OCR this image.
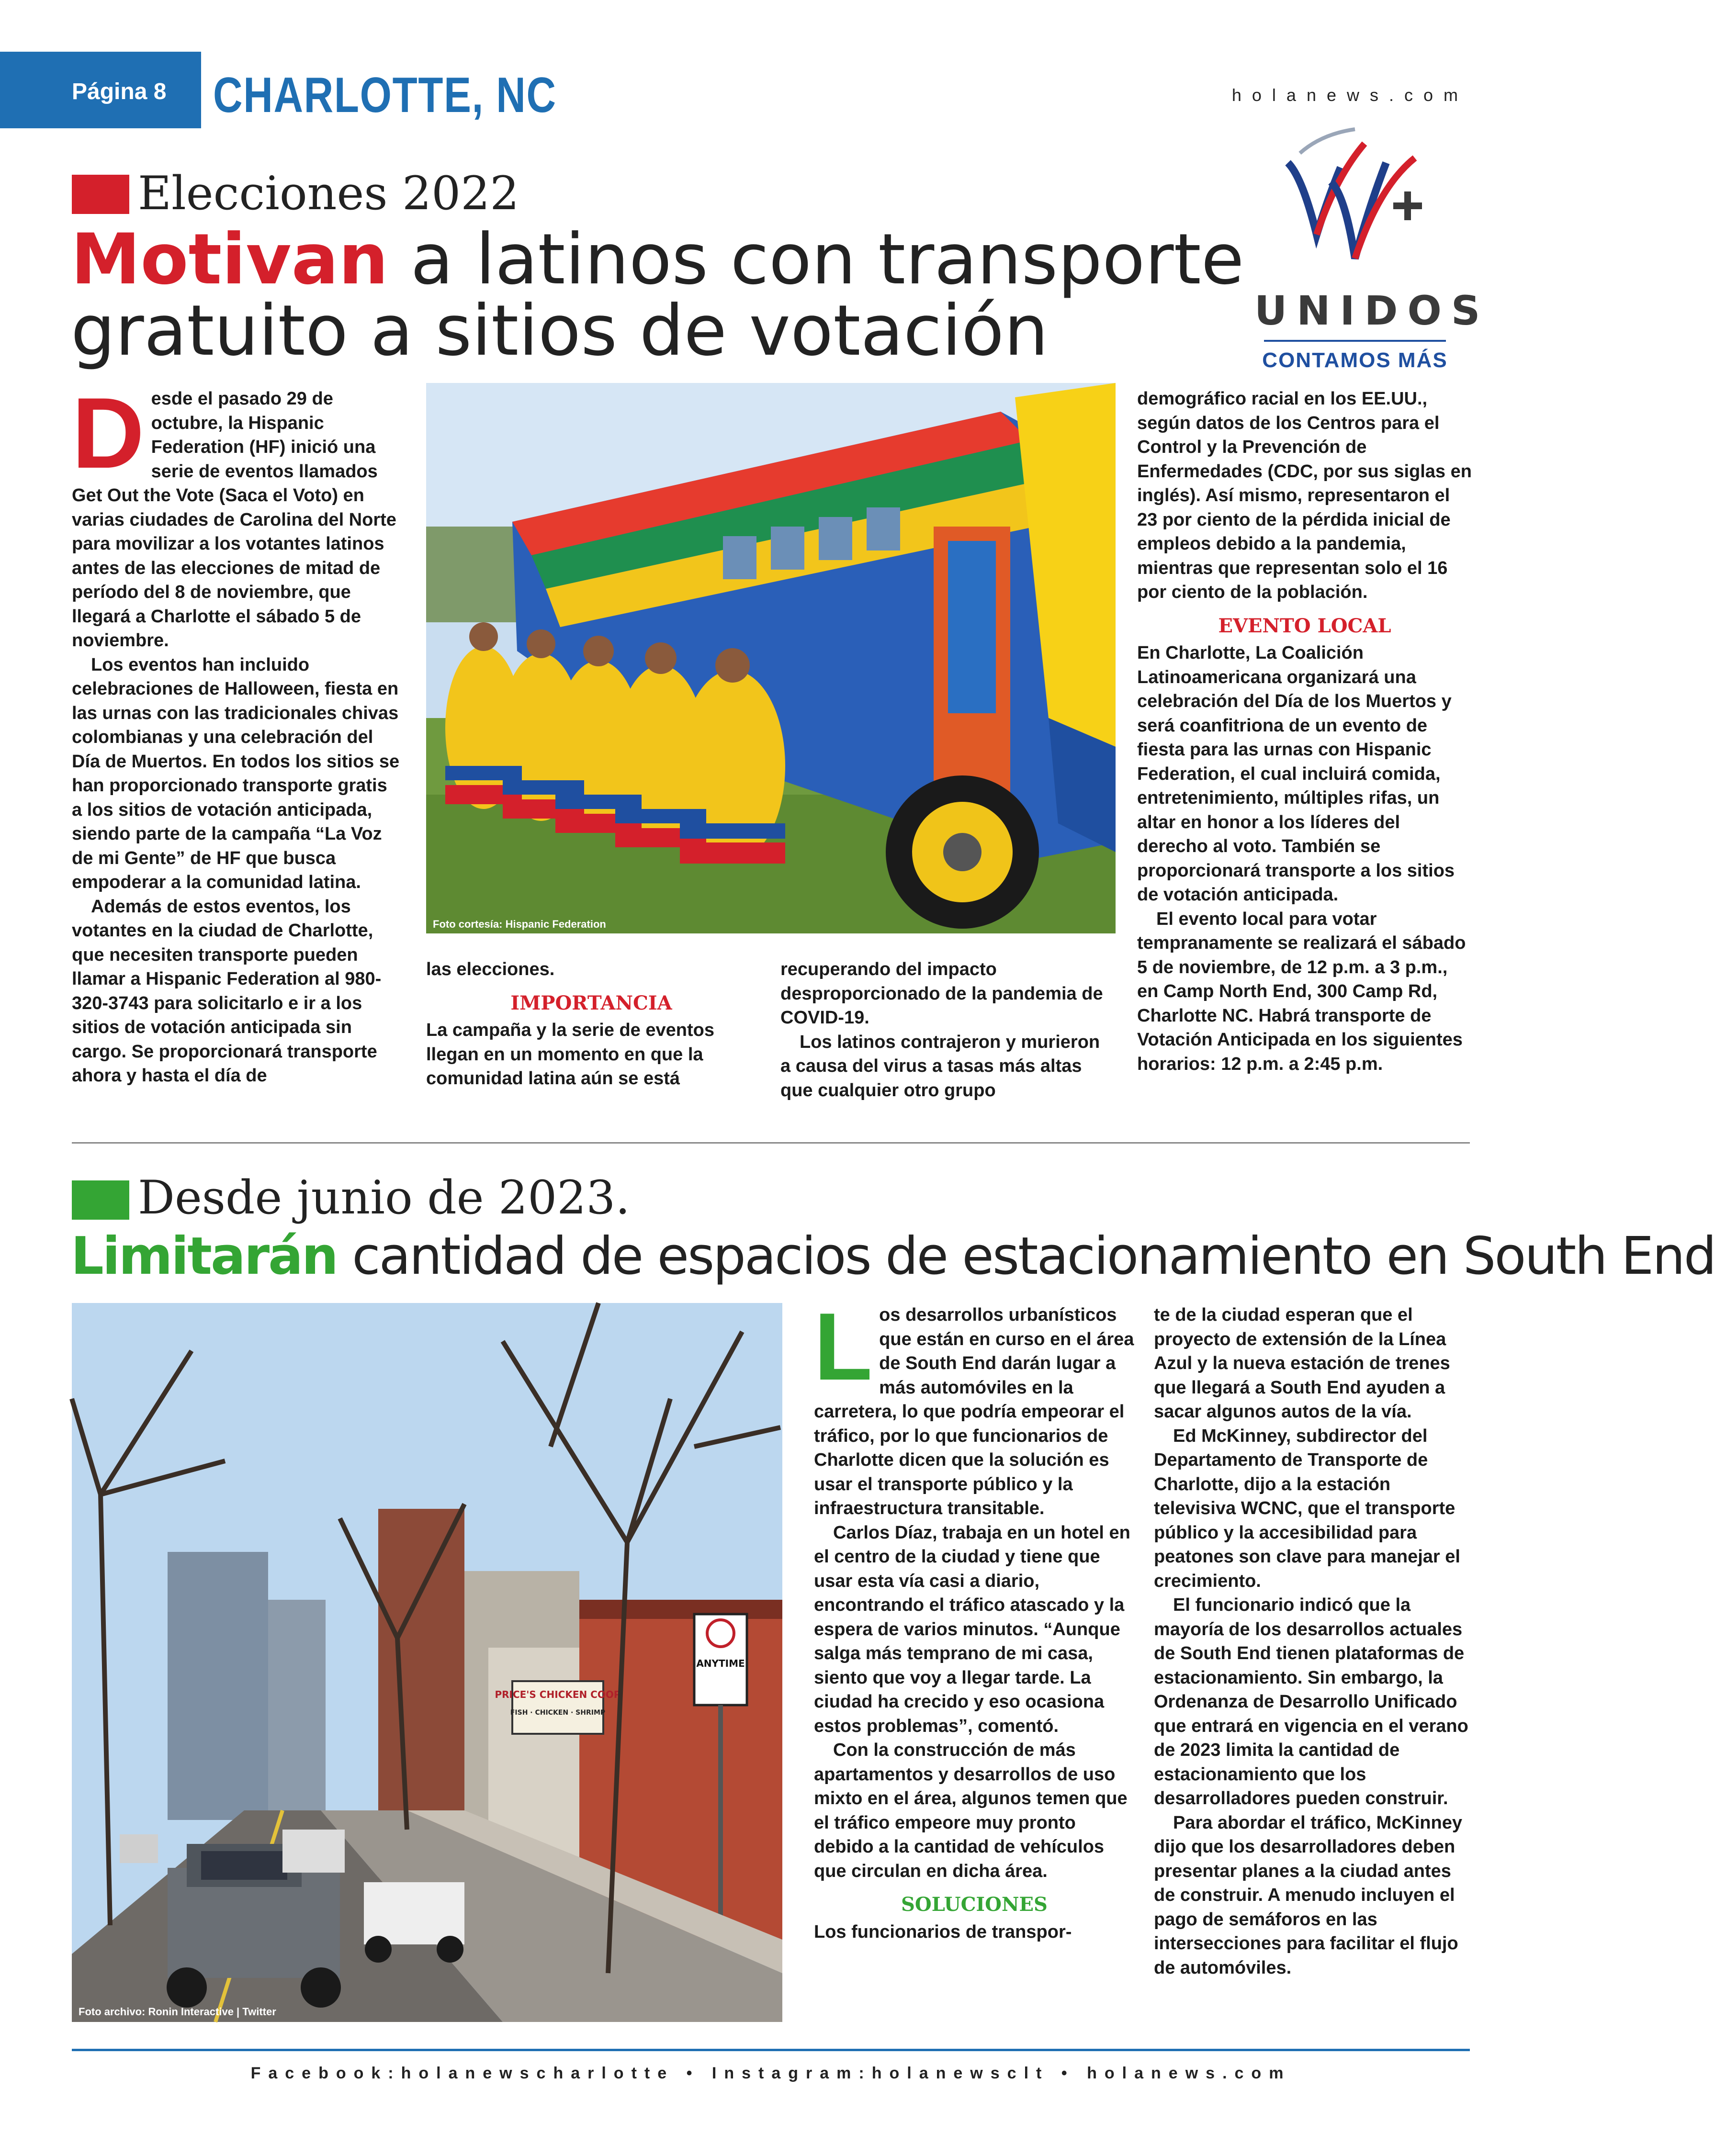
Página 8 CHARLOTTE, NC	holanews.com
UNIDOS
CONTAMOS MÁS
Elecciones 2022
Motivan a latinos con transporte
gratuito a sitios de votación

Desde el pasado 29 de octubre, la Hispanic Federation (HF) inició una serie de eventos llamados Get Out the Vote (Saca el Voto) en varias ciudades de Carolina del Norte para movilizar a los votantes latinos antes de las elecciones de mitad de período del 8 de noviembre, que llegará a Charlotte el sábado 5 de noviembre.

Los eventos han incluido celebraciones de Halloween, fiesta en las urnas con las tradicionales chivas colombianas y una celebración del Día de Muertos. En todos los sitios se han proporcionado transporte gratis a los sitios de votación anticipada, siendo parte de la campaña “La Voz de mi Gente” de HF que busca empoderar a la comunidad latina.

Además de estos eventos, los votantes en la ciudad de Charlotte, que necesiten transporte pueden llamar a Hispanic Federation al 980-320-3743 para solicitarlo e ir a los sitios de votación anticipada sin cargo. Se proporcionará transporte ahora y hasta el día de

Foto cortesía: Hispanic Federation

las elecciones.

IMPORTANCIA

La campaña y la serie de eventos llegan en un momento en que la comunidad latina aún se está

recuperando del impacto desproporcionado de la pandemia de COVID-19.

Los latinos contrajeron y murieron a causa del virus a tasas más altas que cualquier otro grupo

demográfico racial en los EE.UU., según datos de los Centros para el Control y la Prevención de Enfermedades (CDC, por sus siglas en inglés). Así mismo, representaron el 23 por ciento de la pérdida inicial de empleos debido a la pandemia, mientras que representan solo el 16 por ciento de la población.

EVENTO LOCAL

En Charlotte, La Coalición Latinoamericana organizará una celebración del Día de los Muertos y será coanfitriona de un evento de fiesta para las urnas con Hispanic Federation, el cual incluirá comida, entretenimiento, múltiples rifas, un altar en honor a los líderes del derecho al voto. También se proporcionará transporte a los sitios de votación anticipada.

El evento local para votar tempranamente se realizará el sábado 5 de noviembre, de 12 p.m. a 3 p.m., en Camp North End, 300 Camp Rd, Charlotte NC. Habrá transporte de Votación Anticipada en los siguientes horarios: 12 p.m. a 2:45 p.m.

Desde junio de 2023.
Limitarán cantidad de espacios de estacionamiento en South End
PRICE'S CHICKEN COOP
FISH · CHICKEN · SHRIMP
ANYTIME
Foto archivo: Ronin Interactive | Twitter

Los desarrollos urbanísticos que están en curso en el área de South End darán lugar a más automóviles en la carretera, lo que podría empeorar el tráfico, por lo que funcionarios de Charlotte dicen que la solución es usar el transporte público y la infraestructura transitable.

Carlos Díaz, trabaja en un hotel en el centro de la ciudad y tiene que usar esta vía casi a diario, encontrando el tráfico atascado y la espera de varios minutos. “Aunque salga más temprano de mi casa, siento que voy a llegar tarde. La ciudad ha crecido y eso ocasiona estos problemas”, comentó.

Con la construcción de más apartamentos y desarrollos de uso mixto en el área, algunos temen que el tráfico empeore muy pronto debido a la cantidad de vehículos que circulan en dicha área.

SOLUCIONES

Los funcionarios de transpor-

te de la ciudad esperan que el proyecto de extensión de la Línea Azul y la nueva estación de trenes que llegará a South End ayuden a sacar algunos autos de la vía.

Ed McKinney, subdirector del Departamento de Transporte de Charlotte, dijo a la estación televisiva WCNC, que el transporte público y la accesibilidad para peatones son clave para manejar el crecimiento.

El funcionario indicó que la mayoría de los desarrollos actuales de South End tienen plataformas de estacionamiento. Sin embargo, la Ordenanza de Desarrollo Unificado que entrará en vigencia en el verano de 2023 limita la cantidad de estacionamiento que los desarrolladores pueden construir.

Para abordar el tráfico, McKinney dijo que los desarrolladores deben presentar planes a la ciudad antes de construir. A menudo incluyen el pago de semáforos en las intersecciones para facilitar el flujo de automóviles.

Facebook:holanewscharlotte • Instagram:holanewsclt • holanews.com
